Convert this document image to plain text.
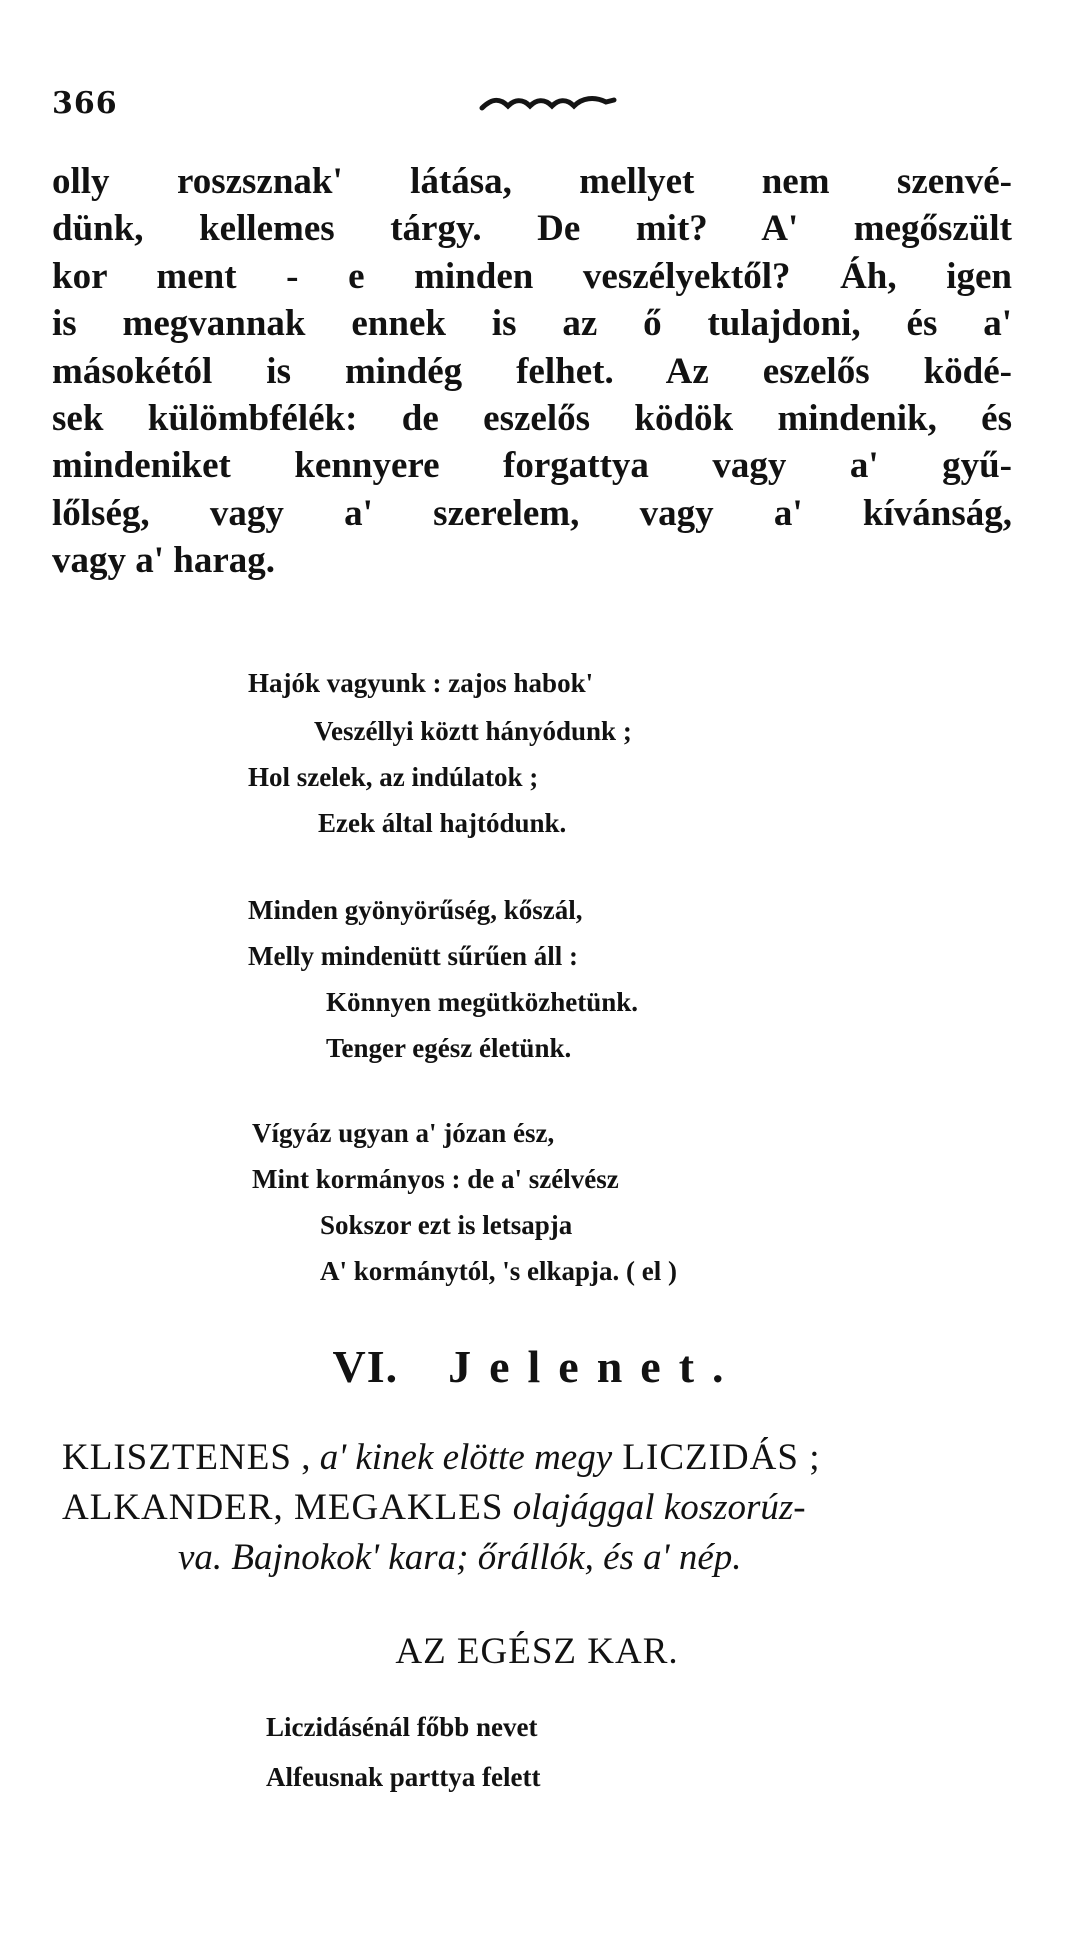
366
olly roszsznak' látása, mellyet nem szenvé-
dünk, kellemes tárgy. De mit? A' megőszült
kor ment - e minden veszélyektől? Áh, igen
is megvannak ennek is az ő tulajdoni, és a'
másokétól is mindég felhet. Az eszelős ködé-
sek külömbfélék: de eszelős ködök mindenik, és
mindeniket kennyere forgattya vagy a' gyű-
lőlség, vagy a' szerelem, vagy a' kívánság,
vagy a' harag.
Hajók vagyunk : zajos habok'
Veszéllyi köztt hányódunk ;
Hol szelek, az indúlatok ;
Ezek által hajtódunk.
Minden gyönyörűség, kőszál,
Melly mindenütt sűrűen áll :
Könnyen megütközhetünk.
Tenger egész életünk.
Vígyáz ugyan a' józan ész,
Mint kormányos : de a' szélvész
Sokszor ezt is letsapja
A' kormánytól, 's elkapja. ( el )
VI. Jelenet.
KLISZTENES , a' kinek elötte megy LICZIDÁS ;
ALKANDER, MEGAKLES olajággal koszorúz-
va. Bajnokok' kara; őrállók, és a' nép.
AZ EGÉSZ KAR.
Liczidásénál főbb nevet
Alfeusnak parttya felett
